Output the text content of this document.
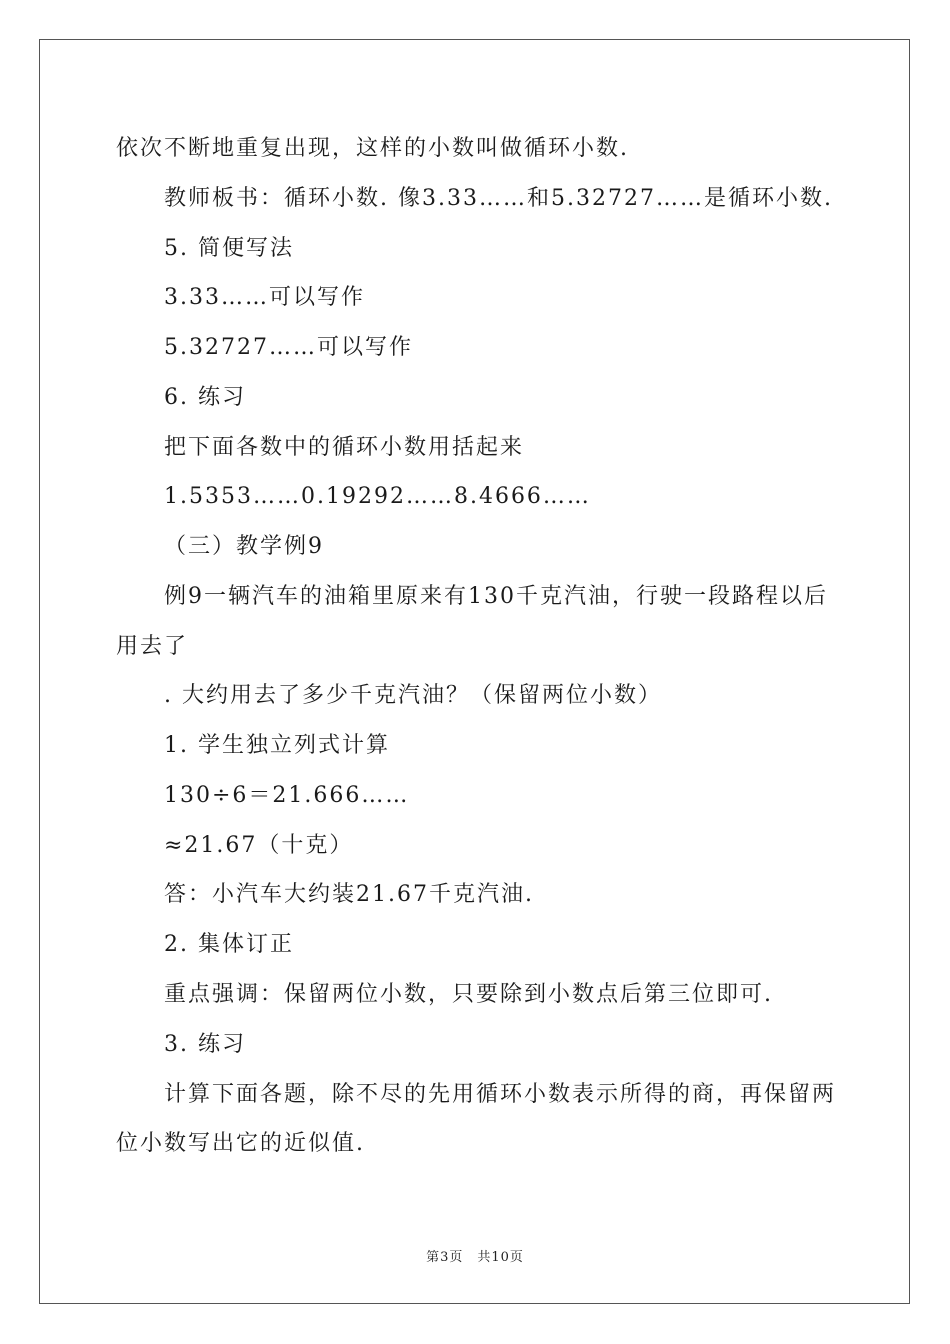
依次不断地重复出现，这样的小数叫做循环小数.
教师板书：循环小数. 像3.33……和5.32727……是循环小数.
5. 简便写法
3.33……可以写作
5.32727……可以写作
6. 练习
把下面各数中的循环小数用括起来
1.5353……0.19292……8.4666……
（三）教学例9
例9一辆汽车的油箱里原来有130千克汽油，行驶一段路程以后
用去了
. 大约用去了多少千克汽油？（保留两位小数）
1. 学生独立列式计算
130÷6＝21.666……
≈21.67（十克）
答：小汽车大约装21.67千克汽油.
2. 集体订正
重点强调：保留两位小数，只要除到小数点后第三位即可.
3. 练习
计算下面各题，除不尽的先用循环小数表示所得的商，再保留两
位小数写出它的近似值.
第3页　共10页
